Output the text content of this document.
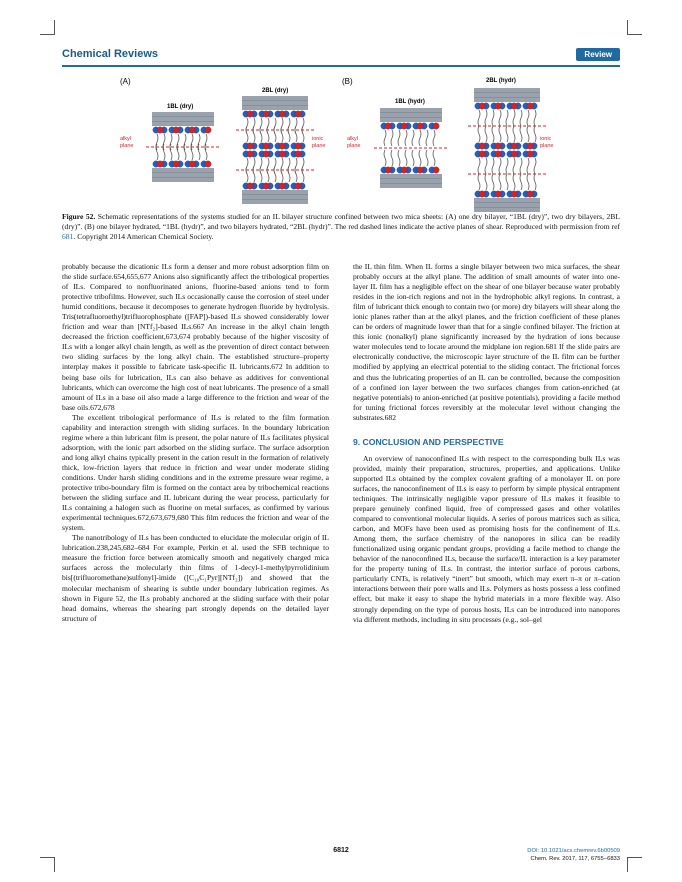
Chemical Reviews	Review
(A)	(B)
1BL (dry)
2BL (dry)
1BL (hydr)
2BL (hydr)
alkyl
plane
ionic
plane
alkyl
plane
ionic
plane
Figure 52. Schematic representations of the systems studied for an IL bilayer structure confined between two mica sheets: (A) one dry bilayer, “1BL (dry)”, two dry bilayers, 2BL (dry)”. (B) one bilayer hydrated, “1BL (hydr)”, and two bilayers hydrated, “2BL (hydr)”. The red dashed lines indicate the active planes of shear. Reproduced with permission from ref 681. Copyright 2014 American Chemical Society.

probably because the dicationic ILs form a denser and more robust adsorption film on the slide surface.654,655,677 Anions also significantly affect the tribological properties of ILs. Compared to nonfluorinated anions, fluorine-based anions tend to form protective tribofilms. However, such ILs occasionally cause the corrosion of steel under humid conditions, because it decomposes to generate hydrogen fluoride by hydrolysis. Tris(tetrafluoroethyl)trifluorophosphate ([FAP])-based ILs showed considerably lower friction and wear than [NTf₂]-based ILs.667 An increase in the alkyl chain length decreased the friction coefficient,673,674 probably because of the higher viscosity of ILs with a longer alkyl chain length, as well as the prevention of direct contact between two sliding surfaces by the long alkyl chain. The established structure–property interplay makes it possible to fabricate task-specific IL lubricants.672 In addition to being base oils for lubrication, ILs can also behave as additives for conventional lubricants, which can overcome the high cost of neat lubricants. The presence of a small amount of ILs in a base oil also made a large difference to the friction and wear of the base oils.672,678

The excellent tribological performance of ILs is related to the film formation capability and interaction strength with sliding surfaces. In the boundary lubrication regime where a thin lubricant film is present, the polar nature of ILs facilitates physical adsorption, with the ionic part adsorbed on the sliding surface. The surface adsorption and long alkyl chains typically present in the cation result in the formation of relatively thick, low-friction layers that reduce in friction and wear under moderate sliding conditions. Under harsh sliding conditions and in the extreme pressure wear regime, a protective tribo-boundary film is formed on the contact area by tribochemical reactions between the sliding surface and IL lubricant during the wear process, particularly for ILs containing a halogen such as fluorine on metal surfaces, as confirmed by various experimental techniques.672,673,679,680 This film reduces the friction and wear of the system.

The nanotribology of ILs has been conducted to elucidate the molecular origin of IL lubrication.238,245,682–684 For example, Perkin et al. used the SFB technique to measure the friction force between atomically smooth and negatively charged mica surfaces across the molecularly thin films of 1-decyl-1-methylpyrrolidinium bis[(trifluoromethane)sulfonyl]-imide ([C₁₀C₁Pyr][NTf₂]) and showed that the molecular mechanism of shearing is subtle under boundary lubrication regimes. As shown in Figure 52, the ILs probably anchored at the sliding surface with their polar head domains, whereas the shearing part strongly depends on the detailed layer structure of

the IL thin film. When IL forms a single bilayer between two mica surfaces, the shear probably occurs at the alkyl plane. The addition of small amounts of water into one-layer IL film has a negligible effect on the shear of one bilayer because water probably resides in the ion-rich regions and not in the hydrophobic alkyl regions. In contrast, a film of lubricant thick enough to contain two (or more) dry bilayers will shear along the ionic planes rather than at the alkyl planes, and the friction coefficient of these planes can be orders of magnitude lower than that for a single confined bilayer. The friction at this ionic (nonalkyl) plane significantly increased by the hydration of ions because water molecules tend to locate around the midplane ion region.681 If the slide pairs are electronically conductive, the microscopic layer structure of the IL film can be further modified by applying an electrical potential to the sliding contact. The frictional forces and thus the lubricating properties of an IL can be controlled, because the composition of a confined ion layer between the two surfaces changes from cation-enriched (at negative potentials) to anion-enriched (at positive potentials), providing a facile method for tuning frictional forces reversibly at the molecular level without changing the substrates.682

9. CONCLUSION AND PERSPECTIVE

An overview of nanoconfined ILs with respect to the corresponding bulk ILs was provided, mainly their preparation, structures, properties, and applications. Unlike supported ILs obtained by the complex covalent grafting of a monolayer IL on pore surfaces, the nanoconfinement of ILs is easy to perform by simple physical entrapment techniques. The intrinsically negligible vapor pressure of ILs makes it feasible to prepare genuinely confined liquid, free of compressed gases and other volatiles compared to conventional molecular liquids. A series of porous matrices such as silica, carbon, and MOFs have been used as promising hosts for the confinement of ILs. Among them, the surface chemistry of the nanopores in silica can be readily functionalized using organic pendant groups, providing a facile method to change the behavior of the nanoconfined ILs, because the surface/IL interaction is a key parameter for the property tuning of ILs. In contrast, the interior surface of porous carbons, particularly CNTs, is relatively “inert” but smooth, which may exert π–π or π–cation interactions between their pore walls and ILs. Polymers as hosts possess a less confined effect, but make it easy to shape the hybrid materials in a more flexible way. Also strongly depending on the type of porous hosts, ILs can be introduced into nanopores via different methods, including in situ processes (e.g., sol–gel

6812	DOI: 10.1021/acs.chemrev.6b00509
Chem. Rev. 2017, 117, 6755−6833
